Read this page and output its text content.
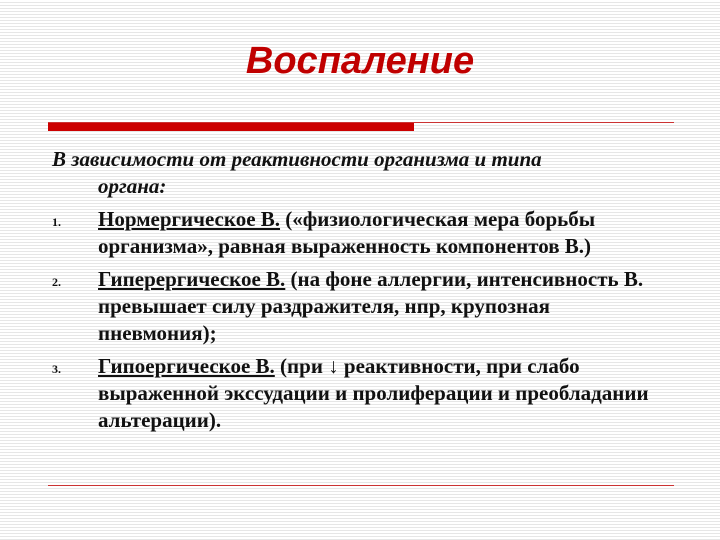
Воспаление
В зависимости от реактивности организма и типа
органа:
1.	Нормергическое В. («физиологическая мера борьбы организма», равная выраженность компонентов В.)
2.	Гиперергическое В. (на фоне аллергии, интенсивность В. превышает силу раздражителя, нпр, крупозная пневмония);
3.	Гипоергическое В. (при ↓ реактивности, при слабо выраженной экссудации и пролиферации и преобладании альтерации).
